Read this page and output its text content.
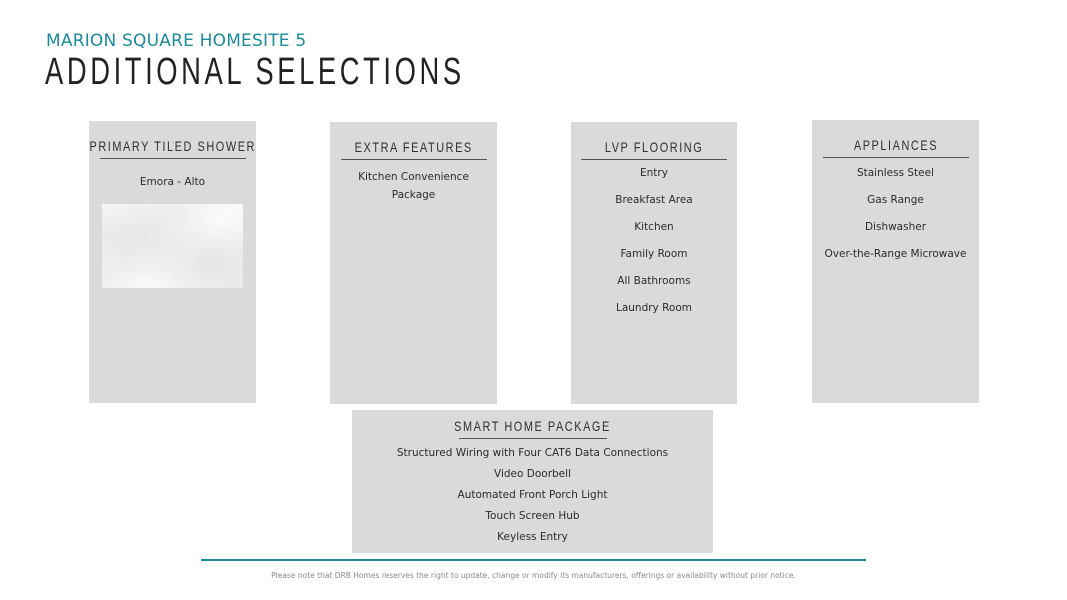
MARION SQUARE HOMESITE 5
ADDITIONAL SELECTIONS
PRIMARY TILED SHOWER
Emora - Alto
EXTRA FEATURES
Kitchen Convenience Package
LVP FLOORING
Entry
Breakfast Area
Kitchen
Family Room
All Bathrooms
Laundry Room
APPLIANCES
Stainless Steel
Gas Range
Dishwasher
Over-the-Range Microwave
SMART HOME PACKAGE
Structured Wiring with Four CAT6 Data Connections
Video Doorbell
Automated Front Porch Light
Touch Screen Hub
Keyless Entry
Please note that DRB Homes reserves the right to update, change or modify its manufacturers, offerings or availability without prior notice.
